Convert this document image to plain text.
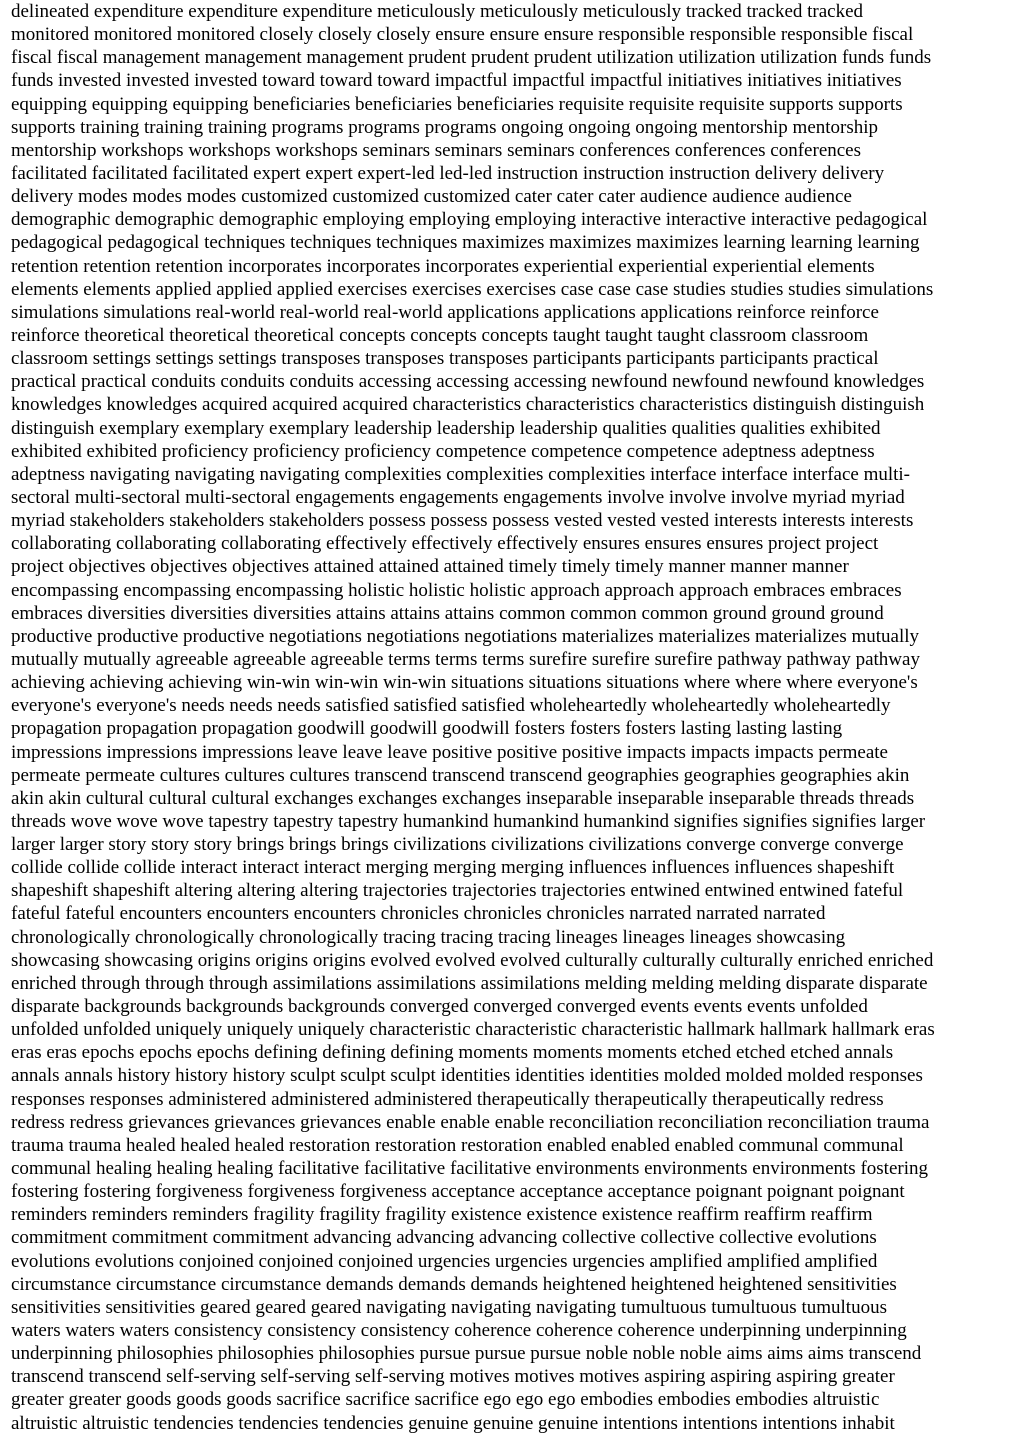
delineated expenditure expenditure expenditure meticulously meticulously meticulously tracked tracked tracked
monitored monitored monitored closely closely closely ensure ensure ensure responsible responsible responsible fiscal
fiscal fiscal management management management prudent prudent prudent utilization utilization utilization funds funds
funds invested invested invested toward toward toward impactful impactful impactful initiatives initiatives initiatives
equipping equipping equipping beneficiaries beneficiaries beneficiaries requisite requisite requisite supports supports
supports training training training programs programs programs ongoing ongoing ongoing mentorship mentorship
mentorship workshops workshops workshops seminars seminars seminars conferences conferences conferences
facilitated facilitated facilitated expert expert expert-led led-led instruction instruction instruction delivery delivery
delivery modes modes modes customized customized customized cater cater cater audience audience audience
demographic demographic demographic employing employing employing interactive interactive interactive pedagogical
pedagogical pedagogical techniques techniques techniques maximizes maximizes maximizes learning learning learning
retention retention retention incorporates incorporates incorporates experiential experiential experiential elements
elements elements applied applied applied exercises exercises exercises case case case studies studies studies simulations
simulations simulations real-world real-world real-world applications applications applications reinforce reinforce
reinforce theoretical theoretical theoretical concepts concepts concepts taught taught taught classroom classroom
classroom settings settings settings transposes transposes transposes participants participants participants practical
practical practical conduits conduits conduits accessing accessing accessing newfound newfound newfound knowledges
knowledges knowledges acquired acquired acquired characteristics characteristics characteristics distinguish distinguish
distinguish exemplary exemplary exemplary leadership leadership leadership qualities qualities qualities exhibited
exhibited exhibited proficiency proficiency proficiency competence competence competence adeptness adeptness
adeptness navigating navigating navigating complexities complexities complexities interface interface interface multi-
sectoral multi-sectoral multi-sectoral engagements engagements engagements involve involve involve myriad myriad
myriad stakeholders stakeholders stakeholders possess possess possess vested vested vested interests interests interests
collaborating collaborating collaborating effectively effectively effectively ensures ensures ensures project project
project objectives objectives objectives attained attained attained timely timely timely manner manner manner
encompassing encompassing encompassing holistic holistic holistic approach approach approach embraces embraces
embraces diversities diversities diversities attains attains attains common common common ground ground ground
productive productive productive negotiations negotiations negotiations materializes materializes materializes mutually
mutually mutually agreeable agreeable agreeable terms terms terms surefire surefire surefire pathway pathway pathway
achieving achieving achieving win-win win-win win-win situations situations situations where where where everyone's
everyone's everyone's needs needs needs satisfied satisfied satisfied wholeheartedly wholeheartedly wholeheartedly
propagation propagation propagation goodwill goodwill goodwill fosters fosters fosters lasting lasting lasting
impressions impressions impressions leave leave leave positive positive positive impacts impacts impacts permeate
permeate permeate cultures cultures cultures transcend transcend transcend geographies geographies geographies akin
akin akin cultural cultural cultural exchanges exchanges exchanges inseparable inseparable inseparable threads threads
threads wove wove wove tapestry tapestry tapestry humankind humankind humankind signifies signifies signifies larger
larger larger story story story brings brings brings civilizations civilizations civilizations converge converge converge
collide collide collide interact interact interact merging merging merging influences influences influences shapeshift
shapeshift shapeshift altering altering altering trajectories trajectories trajectories entwined entwined entwined fateful
fateful fateful encounters encounters encounters chronicles chronicles chronicles narrated narrated narrated
chronologically chronologically chronologically tracing tracing tracing lineages lineages lineages showcasing
showcasing showcasing origins origins origins evolved evolved evolved culturally culturally culturally enriched enriched
enriched through through through assimilations assimilations assimilations melding melding melding disparate disparate
disparate backgrounds backgrounds backgrounds converged converged converged events events events unfolded
unfolded unfolded uniquely uniquely uniquely characteristic characteristic characteristic hallmark hallmark hallmark eras
eras eras epochs epochs epochs defining defining defining moments moments moments etched etched etched annals
annals annals history history history sculpt sculpt sculpt identities identities identities molded molded molded responses
responses responses administered administered administered therapeutically therapeutically therapeutically redress
redress redress grievances grievances grievances enable enable enable reconciliation reconciliation reconciliation trauma
trauma trauma healed healed healed restoration restoration restoration enabled enabled enabled communal communal
communal healing healing healing facilitative facilitative facilitative environments environments environments fostering
fostering fostering forgiveness forgiveness forgiveness acceptance acceptance acceptance poignant poignant poignant
reminders reminders reminders fragility fragility fragility existence existence existence reaffirm reaffirm reaffirm
commitment commitment commitment advancing advancing advancing collective collective collective evolutions
evolutions evolutions conjoined conjoined conjoined urgencies urgencies urgencies amplified amplified amplified
circumstance circumstance circumstance demands demands demands heightened heightened heightened sensitivities
sensitivities sensitivities geared geared geared navigating navigating navigating tumultuous tumultuous tumultuous
waters waters waters consistency consistency consistency coherence coherence coherence underpinning underpinning
underpinning philosophies philosophies philosophies pursue pursue pursue noble noble noble aims aims aims transcend
transcend transcend self-serving self-serving self-serving motives motives motives aspiring aspiring aspiring greater
greater greater goods goods goods sacrifice sacrifice sacrifice ego ego ego embodies embodies embodies altruistic
altruistic altruistic tendencies tendencies tendencies genuine genuine genuine intentions intentions intentions inhabit
